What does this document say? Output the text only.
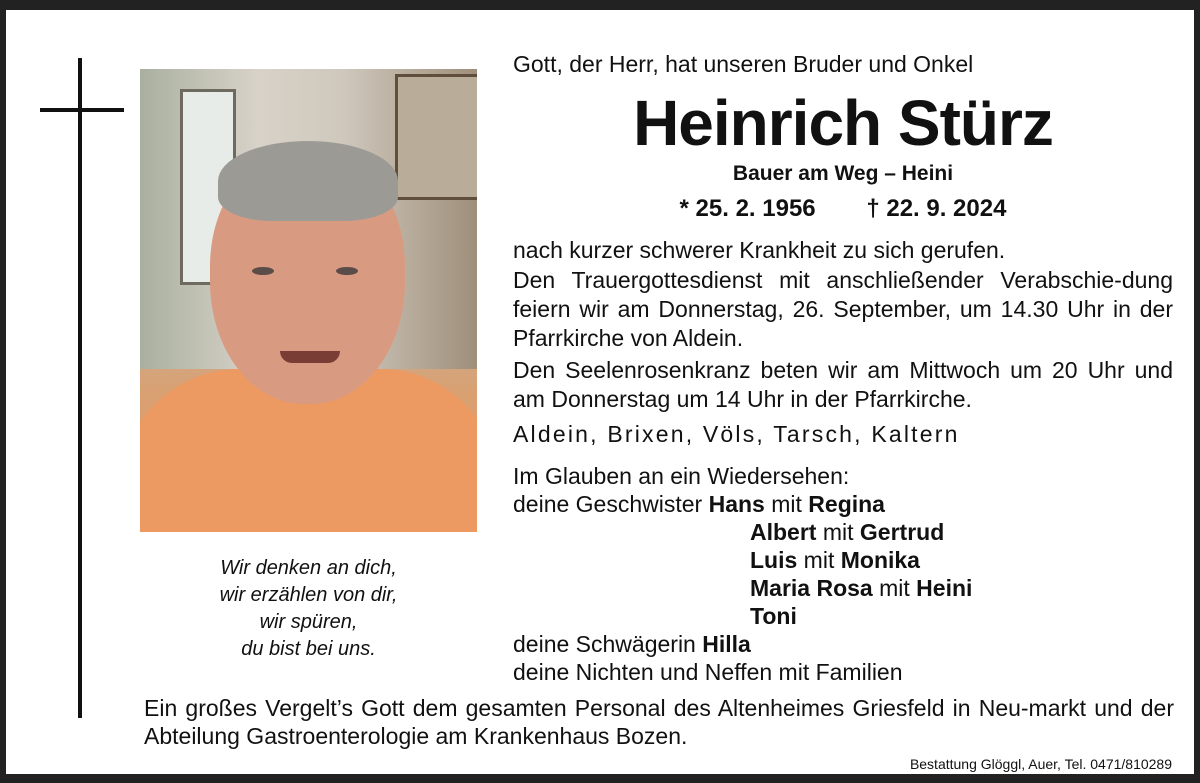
Wir denken an dich,
wir erzählen von dir,
wir spüren,
du bist bei uns.
Gott, der Herr, hat unseren Bruder und Onkel
Heinrich Stürz
Bauer am Weg – Heini
* 25. 2. 1956 † 22. 9. 2024
nach kurzer schwerer Krankheit zu sich gerufen.
Den Trauergottesdienst mit anschließender Verabschie-dung feiern wir am Donnerstag, 26. September, um 14.30 Uhr in der Pfarrkirche von Aldein.
Den Seelenrosenkranz beten wir am Mittwoch um 20 Uhr und am Donnerstag um 14 Uhr in der Pfarrkirche.
Aldein, Brixen, Völs, Tarsch, Kaltern
Im Glauben an ein Wiedersehen:
deine Geschwister Hans mit Regina
Albert mit Gertrud
Luis mit Monika
Maria Rosa mit Heini
Toni
deine Schwägerin Hilla
deine Nichten und Neffen mit Familien
Ein großes Vergelt’s Gott dem gesamten Personal des Altenheimes Griesfeld in Neu-markt und der Abteilung Gastroenterologie am Krankenhaus Bozen.
Bestattung Glöggl, Auer, Tel. 0471/810289
